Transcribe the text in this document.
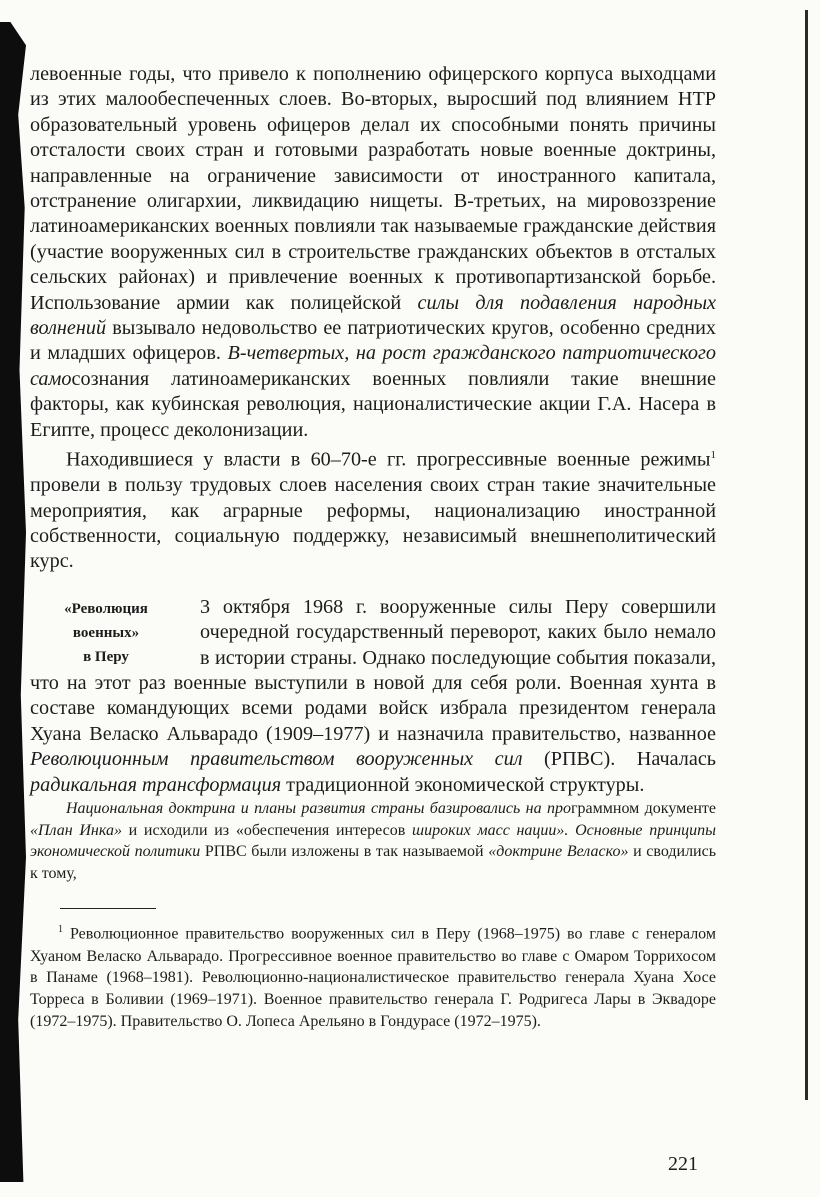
левоенные годы, что привело к пополнению офицерского корпуса выходцами из этих малообеспеченных слоев. Во-вторых, выросший под влиянием НТР образовательный уровень офицеров делал их способными понять причины отсталости своих стран и готовыми разработать новые военные доктрины, направленные на ограничение зависимости от иностранного капитала, отстранение олигархии, ликвидацию нищеты. В-третьих, на мировоззрение латиноамериканских военных повлияли так называемые гражданские действия (участие вооруженных сил в строительстве гражданских объектов в отсталых сельских районах) и привлечение военных к противопартизанской борьбе. Использование армии как полицейской силы для подавления народных волнений вызывало недовольство ее патриотических кругов, особенно средних и младших офицеров. В-четвертых, на рост гражданского патриотического самосознания латиноамериканских военных повлияли такие внешние факторы, как кубинская революция, националистические акции Г.А. Насера в Египте, процесс деколонизации.

Находившиеся у власти в 60–70-е гг. прогрессивные военные режимы$^1$ провели в пользу трудовых слоев населения своих стран такие значительные мероприятия, как аграрные реформы, национализацию иностранной собственности, социальную поддержку, независимый внешнеполитический курс.

«Революция
военных»
в Перу

3 октября 1968 г. вооруженные силы Перу совершили очередной государственный переворот, каких было немало в истории страны. Однако последующие события показали, что на этот раз военные выступили в новой для себя роли. Военная хунта в составе командующих всеми родами войск избрала президентом генерала Хуана Веласко Альварадо (1909–1977) и назначила правительство, названное Революционным правительством вооруженных сил (РПВС). Началась радикальная трансформация традиционной экономической структуры.

Национальная доктрина и планы развития страны базировались на программном документе «План Инка» и исходили из «обеспечения интересов широких масс нации». Основные принципы экономической политики РПВС были изложены в так называемой «доктрине Веласко» и сводились к тому,

$^1$ Революционное правительство вооруженных сил в Перу (1968–1975) во главе с генералом Хуаном Веласко Альварадо. Прогрессивное военное правительство во главе с Омаром Торрихосом в Панаме (1968–1981). Революционно-националистическое правительство генерала Хуана Хосе Торреса в Боливии (1969–1971). Военное правительство генерала Г. Родригеса Лары в Эквадоре (1972–1975). Правительство О. Лопеса Арельяно в Гондурасе (1972–1975).

221
